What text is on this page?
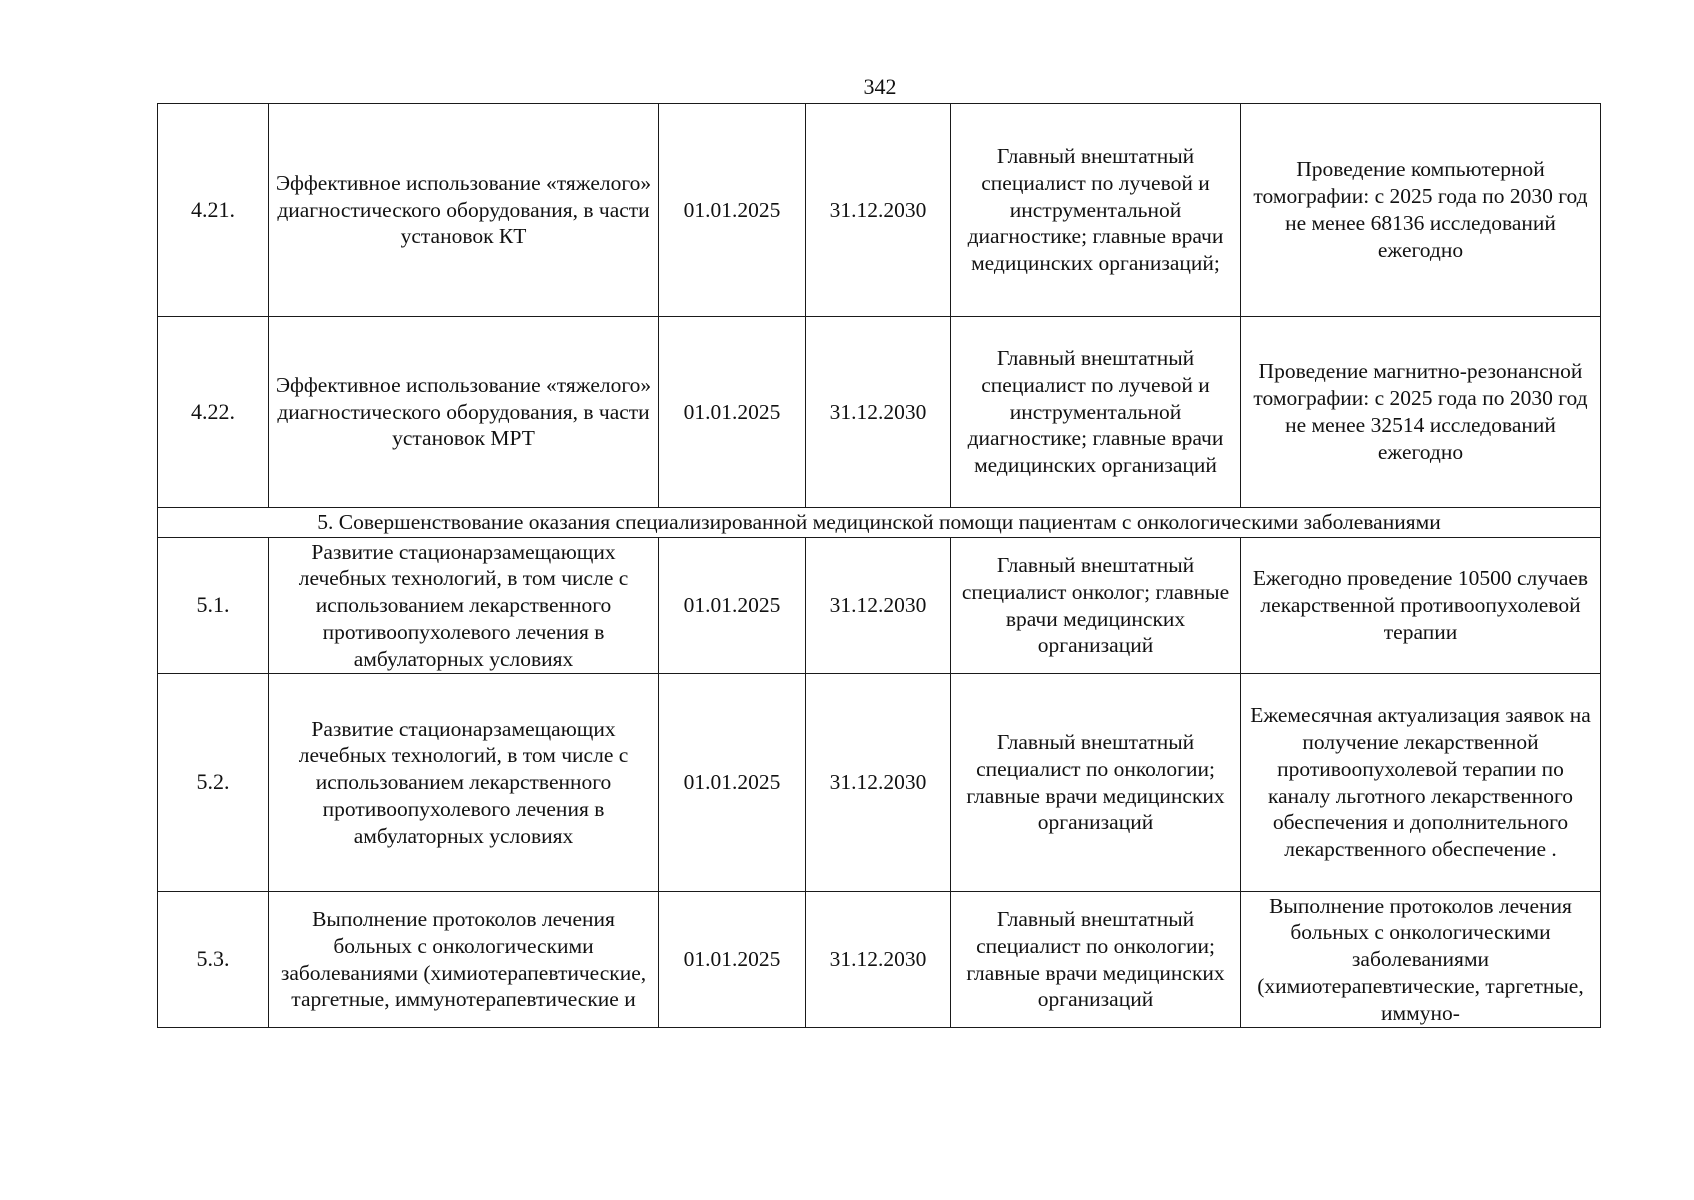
342
4.21.	Эффективное использование «тяжелого» диагностического оборудования, в части установок КТ	01.01.2025	31.12.2030	Главный внештатный специалист по лучевой и инструментальной диагностике; главные врачи медицинских организаций;	Проведение компьютерной томографии: с 2025 года по 2030 год не менее 68136 исследований ежегодно
4.22.	Эффективное использование «тяжелого» диагностического оборудования, в части установок МРТ	01.01.2025	31.12.2030	Главный внештатный специалист по лучевой и инструментальной диагностике; главные врачи медицинских организаций	Проведение магнитно-резонансной томографии: с 2025 года по 2030 год не менее 32514 исследований ежегодно
5. Совершенствование оказания специализированной медицинской помощи пациентам с онкологическими заболеваниями					
5.1.	Развитие стационарзамещающих лечебных технологий, в том числе с использованием лекарственного противоопухолевого лечения в амбулаторных условиях	01.01.2025	31.12.2030	Главный внештатный специалист онколог; главные врачи медицинских организаций	Ежегодно проведение 10500 случаев лекарственной противоопухолевой терапии
5.2.	Развитие стационарзамещающих лечебных технологий, в том числе с использованием лекарственного противоопухолевого лечения в амбулаторных условиях	01.01.2025	31.12.2030	Главный внештатный специалист по онкологии; главные врачи медицинских организаций	Ежемесячная актуализация заявок на получение лекарственной противоопухолевой терапии по каналу льготного лекарственного обеспечения и дополнительного лекарственного обеспечение .
5.3.	Выполнение протоколов лечения больных с онкологическими заболеваниями (химиотерапевтические, таргетные, иммунотерапевтические и	01.01.2025	31.12.2030	Главный внештатный специалист по онкологии; главные врачи медицинских организаций	Выполнение протоколов лечения больных с онкологическими заболеваниями (химиотерапевтические, таргетные, иммуно-
